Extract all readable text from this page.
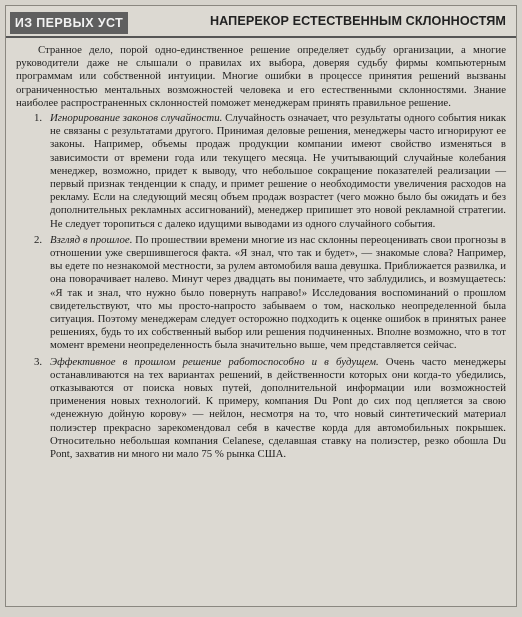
ИЗ ПЕРВЫХ УСТ	НАПЕРЕКОР ЕСТЕСТВЕННЫМ СКЛОННОСТЯМ

Странное дело, порой одно-единственное решение определяет судьбу организации, а многие руководители даже не слышали о правилах их выбора, доверяя судьбу фирмы компьютерным программам или собственной интуиции. Многие ошибки в процессе принятия решений вызваны ограниченностью ментальных возможностей человека и его естественными склонностями. Знание наиболее распространенных склонностей поможет менеджерам принять правильное решение.

1. Игнорирование законов случайности. Случайность означает, что результаты одного события никак не связаны с результатами другого. Принимая деловые решения, менеджеры часто игнорируют ее законы. Например, объемы продаж продукции компании имеют свойство изменяться в зависимости от времени года или текущего месяца. Не учитывающий случайные колебания менеджер, возможно, придет к выводу, что небольшое сокращение показателей реализации — первый признак тенденции к спаду, и примет решение о необходимости увеличения расходов на рекламу. Если на следующий месяц объем продаж возрастет (чего можно было бы ожидать и без дополнительных рекламных ассигнований), менеджер припишет это новой рекламной стратегии. Не следует торопиться с далеко идущими выводами из одного случайного события.
2. Взгляд в прошлое. По прошествии времени многие из нас склонны переоценивать свои прогнозы в отношении уже свершившегося факта. «Я знал, что так и будет», — знакомые слова? Например, вы едете по незнакомой местности, за рулем автомобиля ваша девушка. Приближается развилка, и она поворачивает налево. Минут через двадцать вы понимаете, что заблудились, и возмущаетесь: «Я так и знал, что нужно было повернуть направо!» Исследования воспоминаний о прошлом свидетельствуют, что мы просто-напросто забываем о том, насколько неопределенной была ситуация. Поэтому менеджерам следует осторожно подходить к оценке ошибок в принятых ранее решениях, будь то их собственный выбор или решения подчиненных. Вполне возможно, что в тот момент времени неопределенность была значительно выше, чем представляется сейчас.
3. Эффективное в прошлом решение работоспособно и в будущем. Очень часто менеджеры останавливаются на тех вариантах решений, в действенности которых они когда-то убедились, отказываются от поиска новых путей, дополнительной информации или возможностей применения новых технологий. К примеру, компания Du Pont до сих под цепляется за свою «денежную дойную корову» — нейлон, несмотря на то, что новый синтетический материал полиэстер прекрасно зарекомендовал себя в качестве корда для автомобильных покрышек. Относительно небольшая компания Celanese, сделавшая ставку на полиэстер, резко обошла Du Pont, захватив ни много ни мало 75 % рынка США.
